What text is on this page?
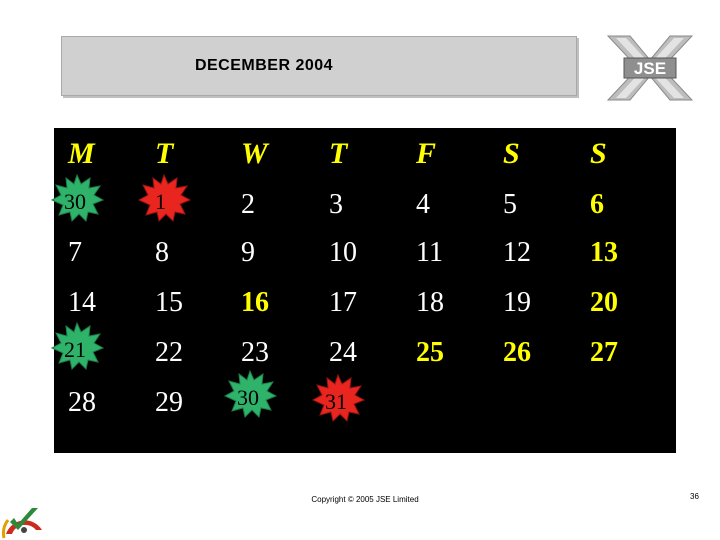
DECEMBER 2004	JSE
M T W T F S S
30	1	2	3	4	5	6
7	8	9	10 11 12 13
14 15 16 17 18 19 20
21 22 23 24 25 26 27
28 29 30	31
Copyright © 2005 JSE Limited	36
